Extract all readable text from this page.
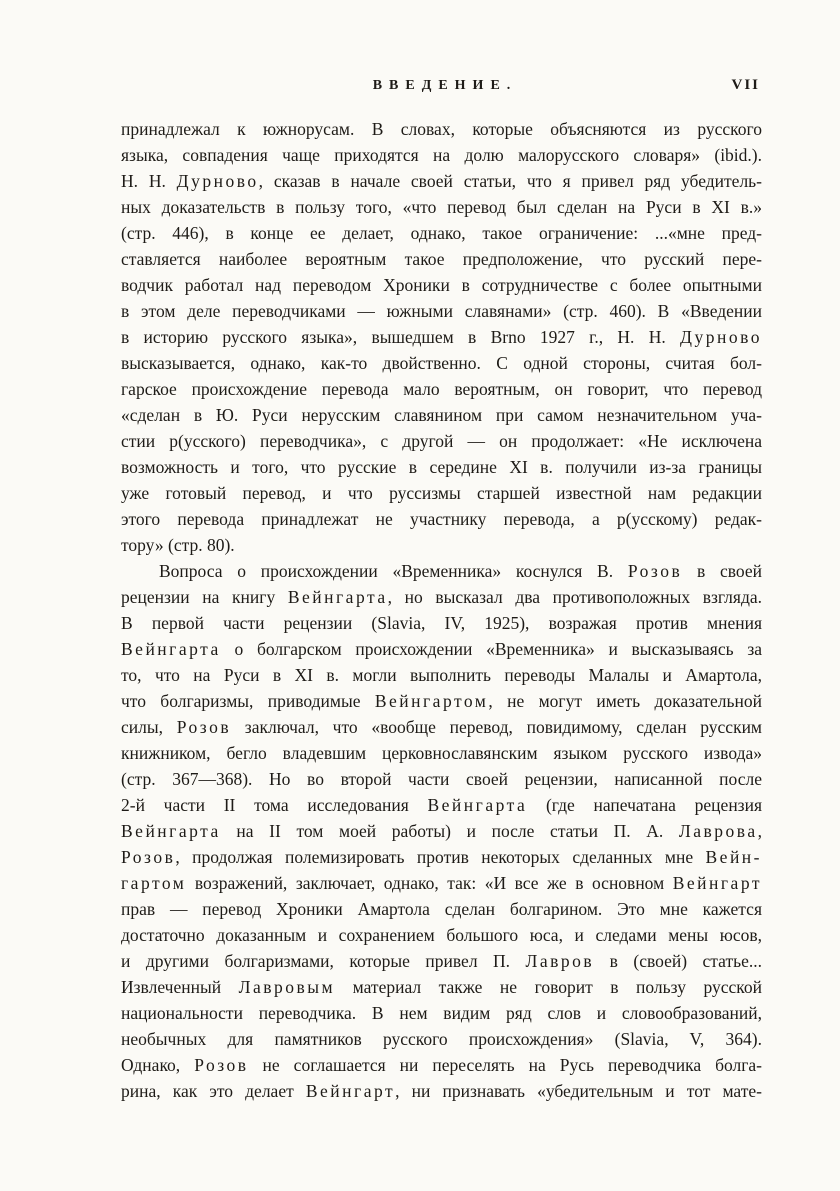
ВВЕДЕНИЕ.	VII
принадлежал к южнорусам. В словах, которые объясняются из русского
языка, совпадения чаще приходятся на долю малорусского словаря» (ibid.).
Н. Н. Дурново, сказав в начале своей статьи, что я привел ряд убедитель-
ных доказательств в пользу того, «что перевод был сделан на Руси в XI в.»
(стр. 446), в конце ее делает, однако, такое ограничение: ...«мне пред-
ставляется наиболее вероятным такое предположение, что русский пере-
водчик работал над переводом Хроники в сотрудничестве с более опытными
в этом деле переводчиками — южными славянами» (стр. 460). В «Введении
в историю русского языка», вышедшем в Brno 1927 г., Н. Н. Дурново
высказывается, однако, как-то двойственно. С одной стороны, считая бол-
гарское происхождение перевода мало вероятным, он говорит, что перевод
«сделан в Ю. Руси нерусским славянином при самом незначительном уча-
стии р(усского) переводчика», с другой — он продолжает: «Не исключена
возможность и того, что русские в середине XI в. получили из-за границы
уже готовый перевод, и что руссизмы старшей известной нам редакции
этого перевода принадлежат не участнику перевода, а р(усскому) редак-
тору» (стр. 80).
Вопроса о происхождении «Временника» коснулся В. Розов в своей
рецензии на книгу Вейнгарта, но высказал два противоположных взгляда.
В первой части рецензии (Slavia, IV, 1925), возражая против мнения
Вейнгарта о болгарском происхождении «Временника» и высказываясь за
то, что на Руси в XI в. могли выполнить переводы Малалы и Амартола,
что болгаризмы, приводимые Вейнгартом, не могут иметь доказательной
силы, Розов заключал, что «вообще перевод, повидимому, сделан русским
книжником, бегло владевшим церковнославянским языком русского извода»
(стр. 367—368). Но во второй части своей рецензии, написанной после
2-й части II тома исследования Вейнгарта (где напечатана рецензия
Вейнгарта на II том моей работы) и после статьи П. А. Лаврова,
Розов, продолжая полемизировать против некоторых сделанных мне Вейн-
гартом возражений, заключает, однако, так: «И все же в основном Вейнгарт
прав — перевод Хроники Амартола сделан болгарином. Это мне кажется
достаточно доказанным и сохранением большого юса, и следами мены юсов,
и другими болгаризмами, которые привел П. Лавров в (своей) статье...
Извлеченный Лавровым материал также не говорит в пользу русской
национальности переводчика. В нем видим ряд слов и словообразований,
необычных для памятников русского происхождения» (Slavia, V, 364).
Однако, Розов не соглашается ни переселять на Русь переводчика болга-
рина, как это делает Вейнгарт, ни признавать «убедительным и тот мате-
